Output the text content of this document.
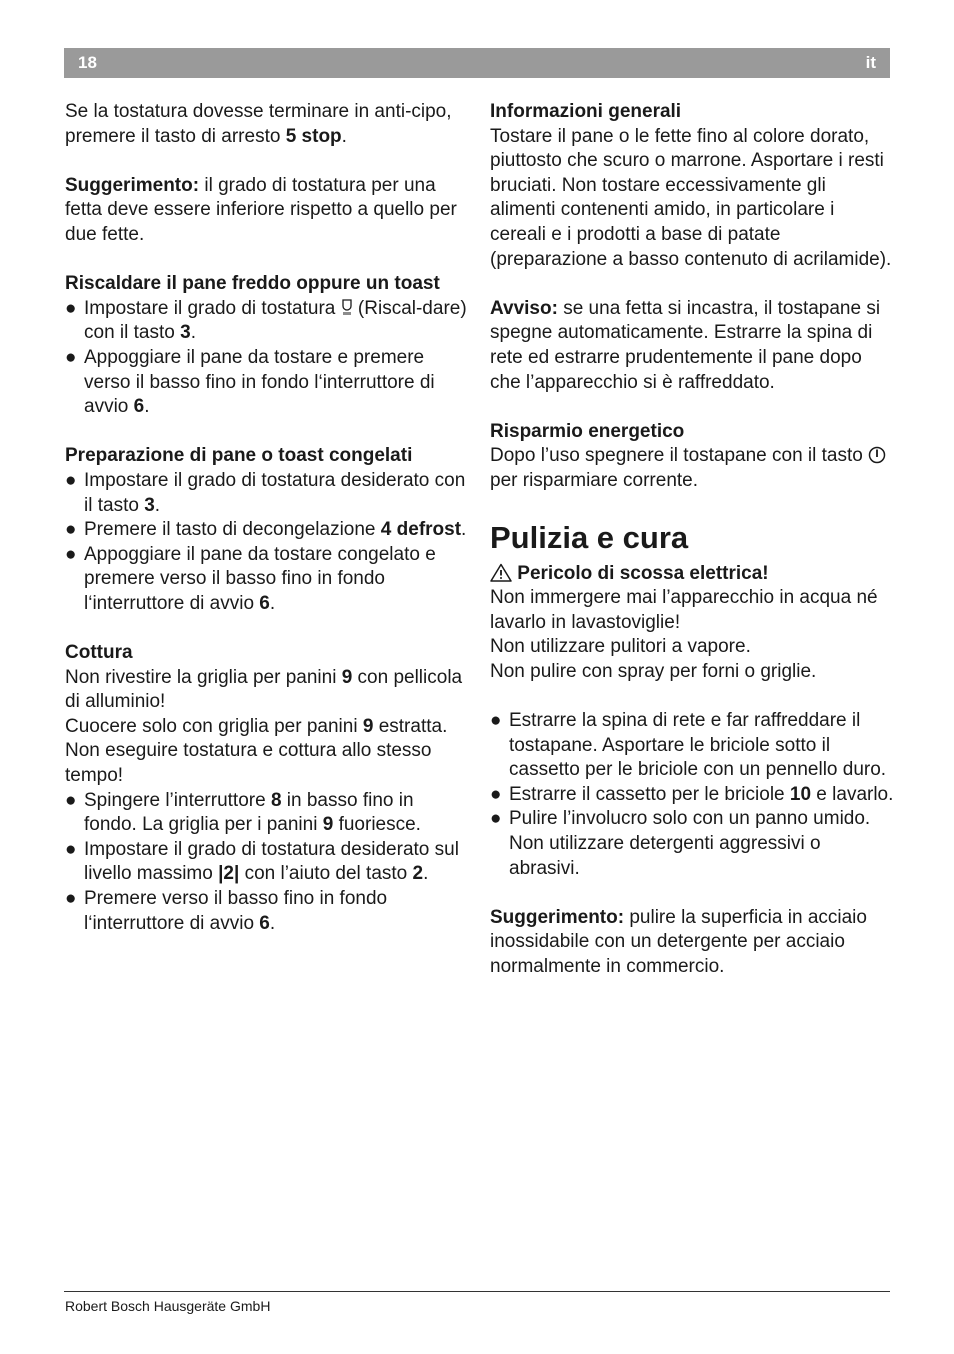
18	it

Se la tostatura dovesse terminare in anti-cipo, premere il tasto di arresto 5 stop.

Suggerimento: il grado di tostatura per una fetta deve essere inferiore rispetto a quello per due fette.

Riscaldare il pane freddo oppure un toast

● Impostare il grado di tostatura  (Riscal-dare) con il tasto 3.
● Appoggiare il pane da tostare e premere verso il basso fino in fondo l‘interruttore di avvio 6.

Preparazione di pane o toast congelati

● Impostare il grado di tostatura desiderato con il tasto 3.
● Premere il tasto di decongelazione 4 defrost.
● Appoggiare il pane da tostare congelato e premere verso il basso fino in fondo l‘interruttore di avvio 6.

Cottura

Non rivestire la griglia per panini 9 con pellicola di alluminio!

Cuocere solo con griglia per panini 9 estratta.

Non eseguire tostatura e cottura allo stesso tempo!

● Spingere l’interruttore 8 in basso fino in fondo. La griglia per i panini 9 fuoriesce.
● Impostare il grado di tostatura desiderato sul livello massimo |2| con l’aiuto del tasto 2.
● Premere verso il basso fino in fondo l‘interruttore di avvio 6.

Informazioni generali

Tostare il pane o le fette fino al colore dorato, piuttosto che scuro o marrone. Asportare i resti bruciati. Non tostare eccessivamente gli alimenti contenenti amido, in particolare i cereali e i prodotti a base di patate (preparazione a basso contenuto di acrilamide).

Avviso: se una fetta si incastra, il tostapane si spegne automaticamente. Estrarre la spina di rete ed estrarre prudentemente il pane dopo che l’apparecchio si è raffreddato.

Risparmio energetico

Dopo l’uso spegnere il tostapane con il tasto  per risparmiare corrente.

Pulizia e cura

Pericolo di scossa elettrica!

Non immergere mai l’apparecchio in acqua né lavarlo in lavastoviglie!

Non utilizzare pulitori a vapore.

Non pulire con spray per forni o griglie.

● Estrarre la spina di rete e far raffreddare il tostapane. Asportare le briciole sotto il cassetto per le briciole con un pennello duro.
● Estrarre il cassetto per le briciole 10 e lavarlo.
● Pulire l’involucro solo con un panno umido. Non utilizzare detergenti aggressivi o abrasivi.

Suggerimento: pulire la superficia in acciaio inossidabile con un detergente per acciaio normalmente in commercio.

Robert Bosch Hausgeräte GmbH
